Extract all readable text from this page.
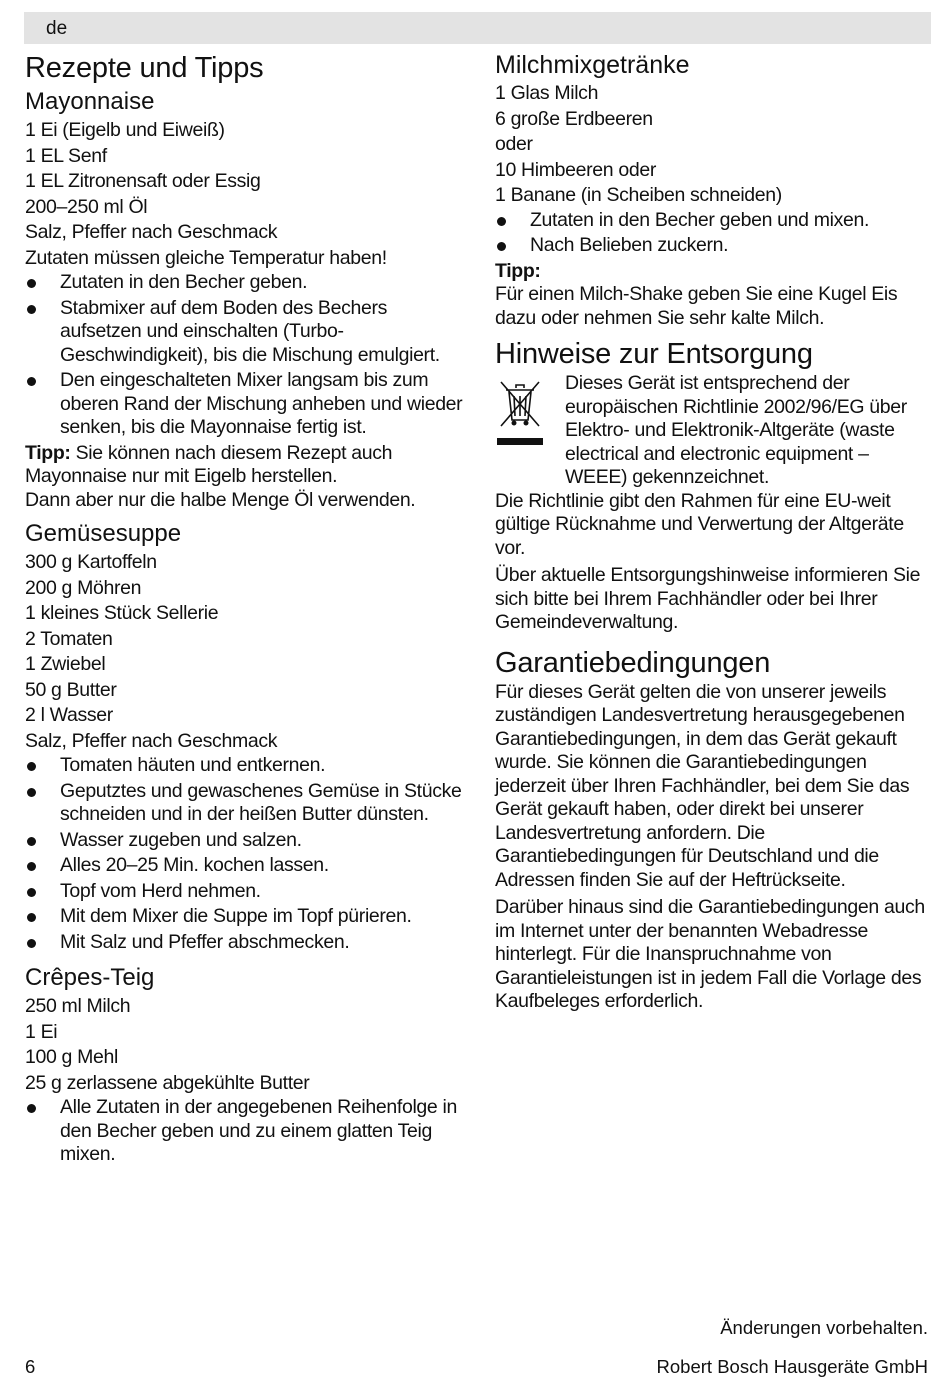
de
Rezepte und Tipps
Mayonnaise
1 Ei (Eigelb und Eiweiß)
1 EL Senf
1 EL Zitronensaft oder Essig
200–250 ml Öl
Salz, Pfeffer nach Geschmack
Zutaten müssen gleiche Temperatur haben!
Zutaten in den Becher geben.
Stabmixer auf dem Boden des Bechers aufsetzen und einschalten (Turbo-Geschwindigkeit), bis die Mischung emulgiert.
Den eingeschalteten Mixer langsam bis zum oberen Rand der Mischung anheben und wieder senken, bis die Mayonnaise fertig ist.
Tipp: Sie können nach diesem Rezept auch Mayonnaise nur mit Eigelb herstellen.
Dann aber nur die halbe Menge Öl verwenden.
Gemüsesuppe
300 g Kartoffeln
200 g Möhren
1 kleines Stück Sellerie
2 Tomaten
1 Zwiebel
50 g Butter
2 l Wasser
Salz, Pfeffer nach Geschmack
Tomaten häuten und entkernen.
Geputztes und gewaschenes Gemüse in Stücke schneiden und in der heißen Butter dünsten.
Wasser zugeben und salzen.
Alles 20–25 Min. kochen lassen.
Topf vom Herd nehmen.
Mit dem Mixer die Suppe im Topf pürieren.
Mit Salz und Pfeffer abschmecken.
Crêpes-Teig
250 ml Milch
1 Ei
100 g Mehl
25 g zerlassene abgekühlte Butter
Alle Zutaten in der angegebenen Reihenfolge in den Becher geben und zu einem glatten Teig mixen.
Milchmixgetränke
1 Glas Milch
6 große Erdbeeren
oder
10 Himbeeren oder
1 Banane (in Scheiben schneiden)
Zutaten in den Becher geben und mixen.
Nach Belieben zuckern.
Tipp:
Für einen Milch-Shake geben Sie eine Kugel Eis dazu oder nehmen Sie sehr kalte Milch.
Hinweise zur Entsorgung
Dieses Gerät ist entsprechend der europäischen Richtlinie 2002/96/EG über Elektro- und Elektronik-Altgeräte (waste electrical and electronic equipment – WEEE) gekennzeichnet.
Die Richtlinie gibt den Rahmen für eine EU-weit gültige Rücknahme und Verwertung der Altgeräte vor.
Über aktuelle Entsorgungshinweise informieren Sie sich bitte bei Ihrem Fachhändler oder bei Ihrer Gemeindeverwaltung.
Garantiebedingungen
Für dieses Gerät gelten die von unserer jeweils zuständigen Landesvertretung herausgegebenen Garantiebedingungen, in dem das Gerät gekauft wurde. Sie können die Garantiebedingungen jederzeit über Ihren Fachhändler, bei dem Sie das Gerät gekauft haben, oder direkt bei unserer Landesvertretung anfordern. Die Garantiebedingungen für Deutschland und die Adressen finden Sie auf der Heftrückseite.
Darüber hinaus sind die Garantiebedingungen auch im Internet unter der benannten Webadresse hinterlegt. Für die Inanspruchnahme von Garantieleistungen ist in jedem Fall die Vorlage des Kaufbeleges erforderlich.
Änderungen vorbehalten.
6	Robert Bosch Hausgeräte GmbH
